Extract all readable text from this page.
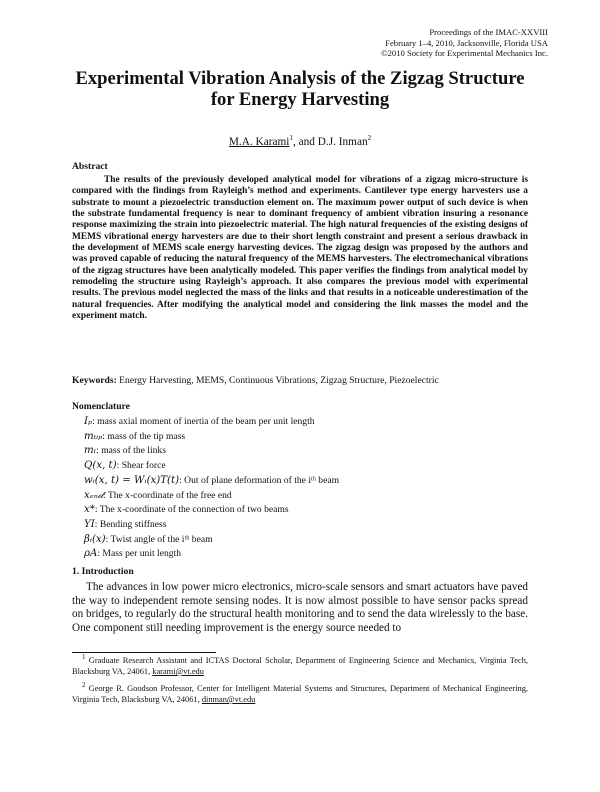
Proceedings of the IMAC-XXVIII
February 1–4, 2010, Jacksonville, Florida USA
©2010 Society for Experimental Mechanics Inc.
Experimental Vibration Analysis of the Zigzag Structure
for Energy Harvesting
M.A. Karami$^1$, and D.J. Inman$^2$
Abstract

The results of the previously developed analytical model for vibrations of a zigzag micro-structure is compared with the findings from Rayleigh’s method and experiments. Cantilever type energy harvesters use a substrate to mount a piezoelectric transduction element on. The maximum power output of such device is when the substrate fundamental frequency is near to dominant frequency of ambient vibration insuring a resonance response maximizing the strain into piezoelectric material. The high natural frequencies of the existing designs of MEMS vibrational energy harvesters are due to their short length constraint and present a serious drawback in the development of MEMS scale energy harvesting devices. The zigzag design was proposed by the authors and was proved capable of reducing the natural frequency of the MEMS harvesters. The electromechanical vibrations of the zigzag structures have been analytically modeled. This paper verifies the findings from analytical model by remodeling the structure using Rayleigh’s approach. It also compares the previous model with experimental results. The previous model neglected the mass of the links and that results in a noticeable underestimation of the natural frequencies. After modifying the analytical model and considering the link masses the model and the experiment match.

Keywords: Energy Harvesting, MEMS, Continuous Vibrations, Zigzag Structure, Piezoelectric
Nomenclature
Iₚ: mass axial moment of inertia of the beam per unit length
mₜᵢₚ: mass of the tip mass
mₗ: mass of the links
Q(x, t): Shear force
wᵢ(x, t) = Wᵢ(x)T(t): Out of plane deformation of the iᵗʰ beam
xₑₙ𝒹: The x-coordinate of the free end
x*: The x-coordinate of the connection of two beams
YI: Bending stiffness
βᵢ(x): Twist angle of the iᵗʰ beam
ρA: Mass per unit length
1. Introduction

The advances in low power micro electronics, micro-scale sensors and smart actuators have paved the way to independent remote sensing nodes. It is now almost possible to have sensor packs spread on bridges, to regularly do the structural health monitoring and to send the data wirelessly to the base. One component still needing improvement is the energy source needed to

$^1$ Graduate Research Assistant and ICTAS Doctoral Scholar, Department of Engineering Science and Mechanics, Virginia Tech, Blacksburg VA, 24061, karami@vt.edu

$^2$ George R. Goodson Professor, Center for Intelligent Material Systems and Structures, Department of Mechanical Engineering, Virginia Tech, Blacksburg VA, 24061, dinman@vt.edu
